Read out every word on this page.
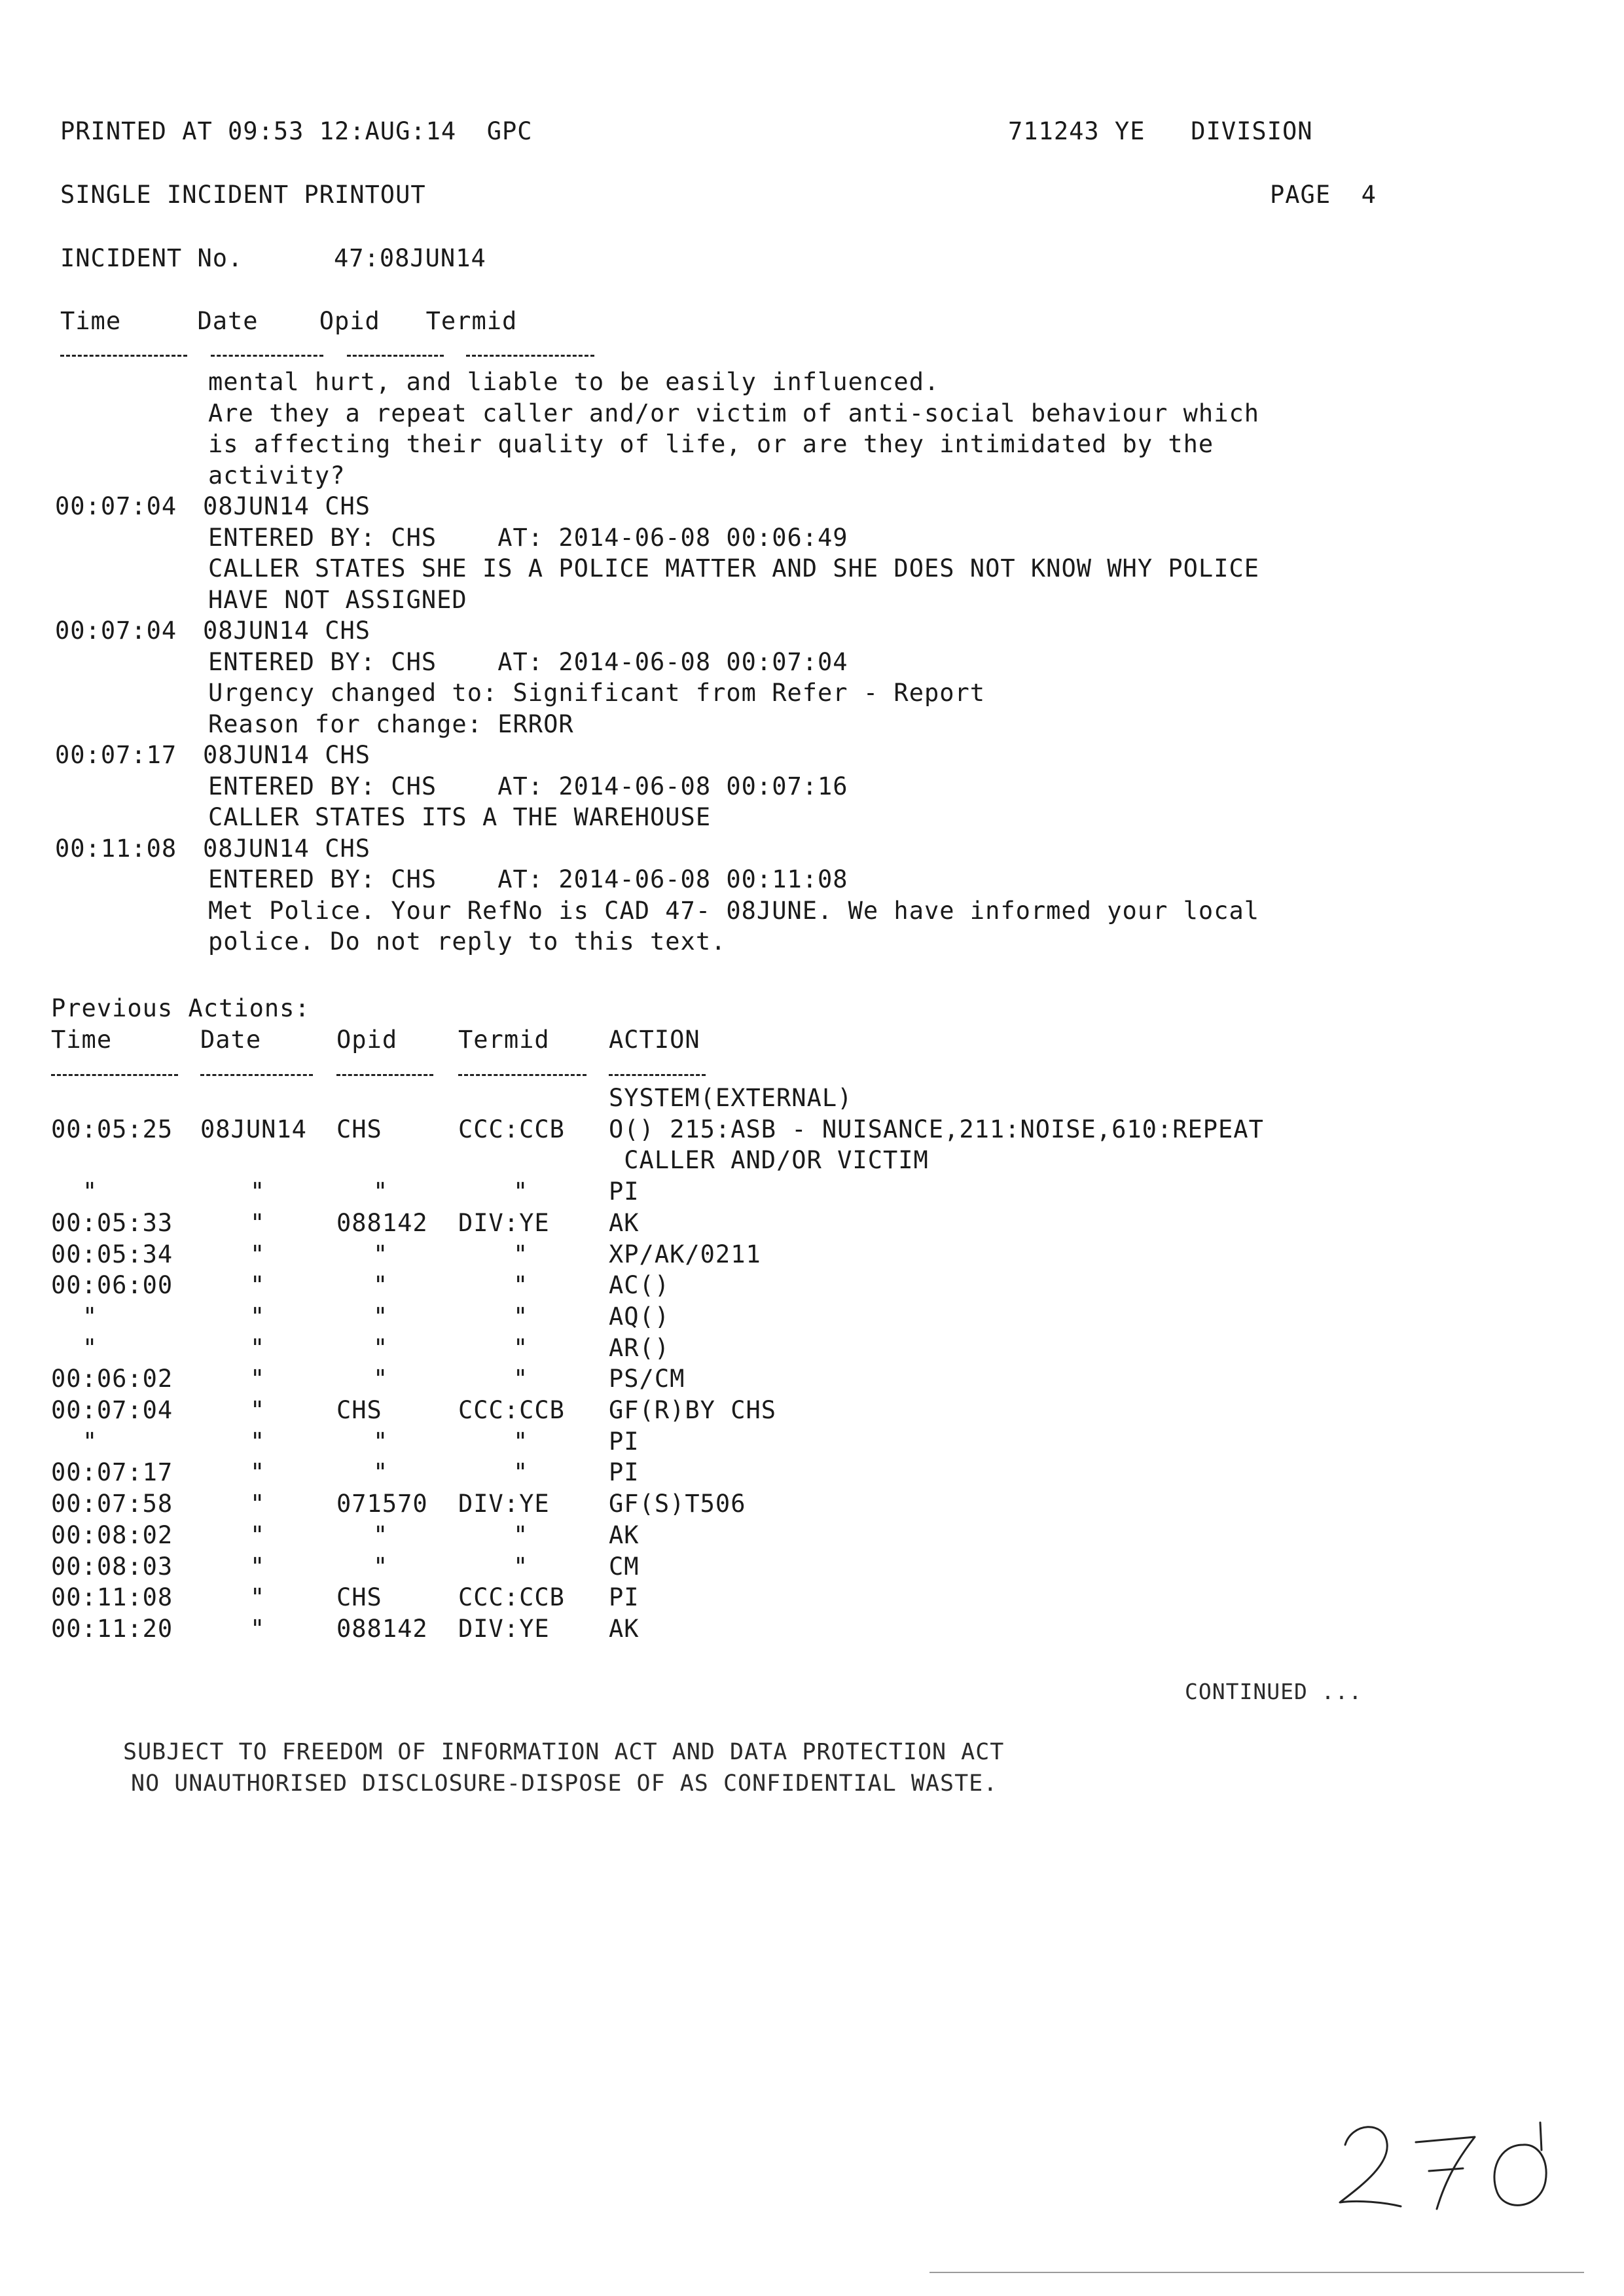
PRINTED AT 09:53 12:AUG:14  GPC	711243 YE   DIVISION
SINGLE INCIDENT PRINTOUT	PAGE  4
INCIDENT No.	47:08JUN14
Time     Date    Opid   Termid
mental hurt, and liable to be easily influenced.
Are they a repeat caller and/or victim of anti-social behaviour which
is affecting their quality of life, or are they intimidated by the
activity?
00:07:04 08JUN14 CHS
ENTERED BY: CHS    AT: 2014-06-08 00:06:49
CALLER STATES SHE IS A POLICE MATTER AND SHE DOES NOT KNOW WHY POLICE
HAVE NOT ASSIGNED
00:07:04 08JUN14 CHS
ENTERED BY: CHS    AT: 2014-06-08 00:07:04
Urgency changed to: Significant from Refer - Report
Reason for change: ERROR
00:07:17 08JUN14 CHS
ENTERED BY: CHS    AT: 2014-06-08 00:07:16
CALLER STATES ITS A THE WAREHOUSE
00:11:08 08JUN14 CHS
ENTERED BY: CHS    AT: 2014-06-08 00:11:08
Met Police. Your RefNo is CAD 47- 08JUNE. We have informed your local
police. Do not reply to this text.
Previous Actions:
Time	Date	Opid	Termid ACTION
SYSTEM(EXTERNAL)
00:05:25 08JUN14 CHS	CCC:CCB O() 215:ASB - NUISANCE,211:NOISE,610:REPEAT
CALLER AND/OR VICTIM
"	"	"	"	PI
00:05:33	"	088142 DIV:YE AK
00:05:34	"	"	"	XP/AK/0211
00:06:00	"	"	"	AC()
"	"	"	"	AQ()
"	"	"	"	AR()
00:06:02	"	"	"	PS/CM
00:07:04	"	CHS	CCC:CCB GF(R)BY CHS
"	"	"	"	PI
00:07:17	"	"	"	PI
00:07:58	"	071570 DIV:YE GF(S)T506
00:08:02	"	"	"	AK
00:08:03	"	"	"	CM
00:11:08	"	CHS	CCC:CCB PI
00:11:20	"	088142 DIV:YE AK
CONTINUED ...
SUBJECT TO FREEDOM OF INFORMATION ACT AND DATA PROTECTION ACT
NO UNAUTHORISED DISCLOSURE-DISPOSE OF AS CONFIDENTIAL WASTE.
